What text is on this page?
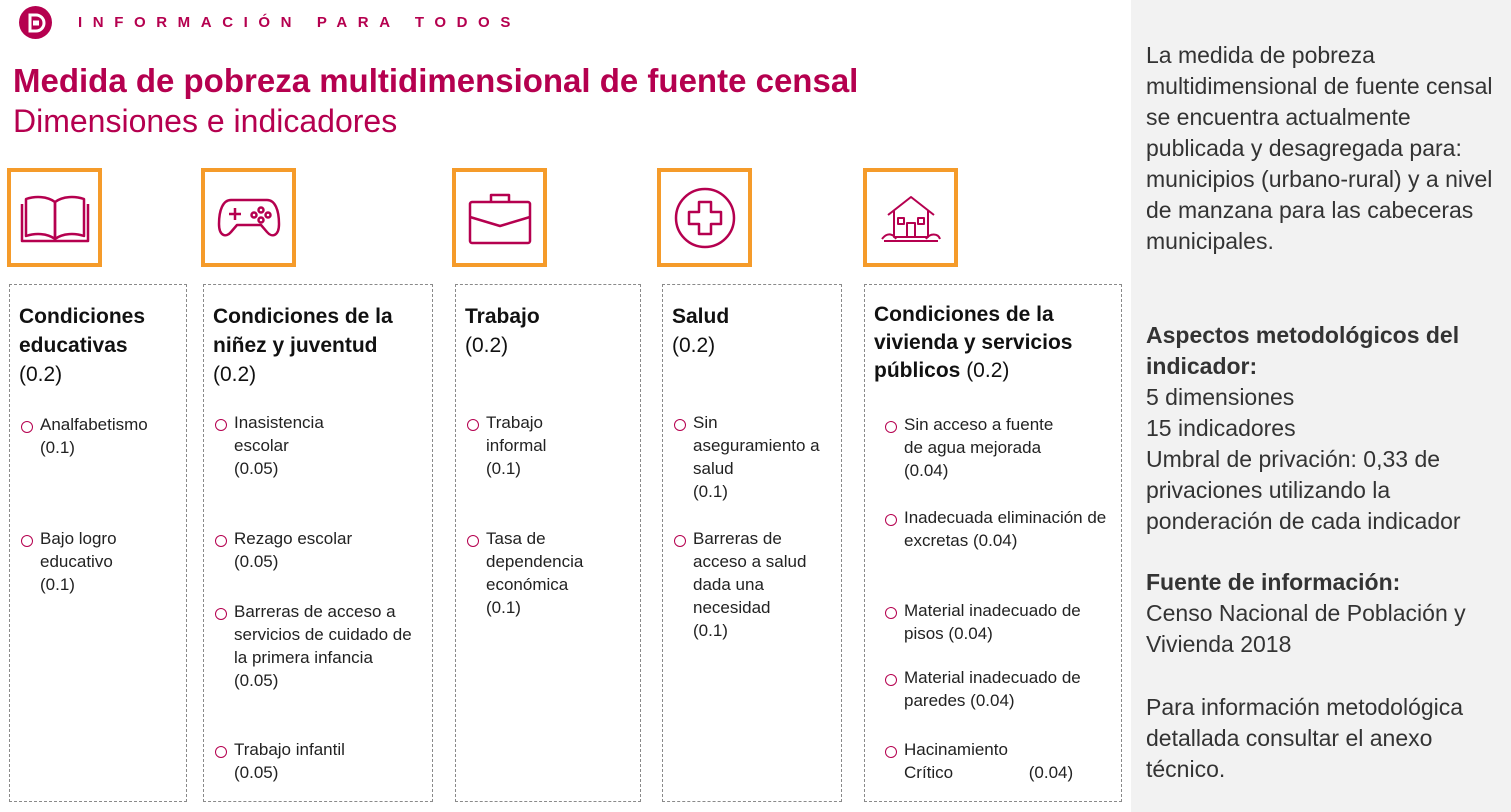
INFORMACIÓN PARA TODOS
Medida de pobreza multidimensional de fuente censal
Dimensiones e indicadores
Condiciones educativas
(0.2)
Analfabetismo
(0.1)
Bajo logro educativo
(0.1)
Condiciones de la niñez y juventud
(0.2)
Inasistencia escolar
(0.05)
Rezago escolar
(0.05)
Barreras de acceso a servicios de cuidado de la primera infancia
(0.05)
Trabajo infantil
(0.05)
Trabajo
(0.2)
Trabajo informal
(0.1)
Tasa de dependencia económica
(0.1)
Salud
(0.2)
Sin aseguramiento a salud
(0.1)
Barreras de acceso a salud dada una necesidad
(0.1)
Condiciones de la vivienda y servicios públicos (0.2)
Sin acceso a fuente de agua mejorada
(0.04)
Inadecuada eliminación de excretas (0.04)
Material inadecuado de pisos (0.04)
Material inadecuado de paredes (0.04)
Hacinamiento Crítico	(0.04)
La medida de pobreza multidimensional de fuente censal se encuentra actualmente publicada y desagregada para: municipios (urbano-rural) y a nivel de manzana para las cabeceras municipales.
Aspectos metodológicos del indicador:
5 dimensiones
15 indicadores
Umbral de privación: 0,33 de privaciones utilizando la ponderación de cada indicador
Fuente de información:
Censo Nacional de Población y Vivienda 2018
Para información metodológica detallada consultar el anexo técnico.
